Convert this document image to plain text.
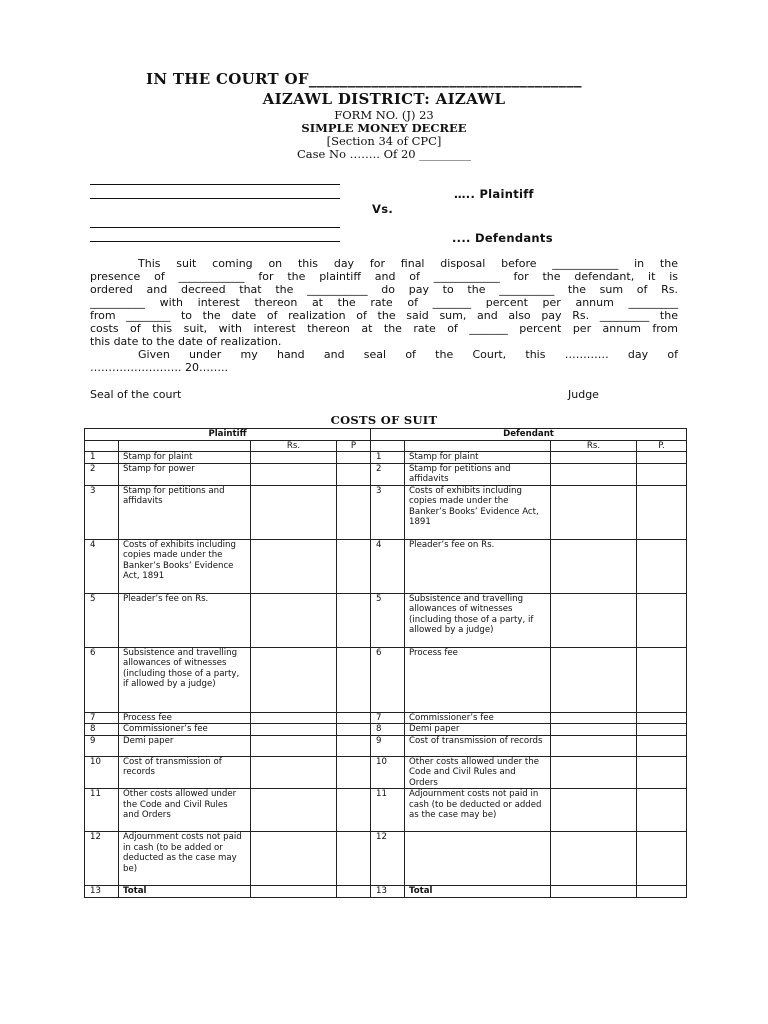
IN THE COURT OF___________________________________
AIZAWL DISTRICT: AIZAWL
FORM NO. (J) 23
SIMPLE MONEY DECREE
[Section 34 of CPC]
Case No …….. Of 20 _________
….. Plaintiff
Vs.
.... Defendants
This suit coming on this day for final disposal before ____________ in the
presence of ____________ for the plaintiff and of ____________ for the defendant, it is
ordered and decreed that the ___________ do pay to the __________ the sum of Rs.
__________ with interest thereon at the rate of _______ percent per annum _________
from ________ to the date of realization of the said sum, and also pay Rs. _________ the
costs of this suit, with interest thereon at the rate of _______ percent per annum from
this date to the date of realization.
Given under my hand and seal of the Court, this ………… day of
……………………. 20……..
Seal of the court	Judge
COSTS OF SUIT
Plaintiff				Defendant			
		Rs.	P			Rs.	P.
1	Stamp for plaint			1	Stamp for plaint		
2	Stamp for power			2	Stamp for petitions and affidavits		
3	Stamp for petitions and affidavits			3	Costs of exhibits including copies made under the Banker’s Books’ Evidence Act, 1891		
4	Costs of exhibits including copies made under the Banker’s Books’ Evidence Act, 1891			4	Pleader’s fee on Rs.		
5	Pleader’s fee on Rs.			5	Subsistence and travelling allowances of witnesses (including those of a party, if allowed by a judge)		
6	Subsistence and travelling allowances of witnesses (including those of a party, if allowed by a judge)			6	Process fee		
7	Process fee			7	Commissioner’s fee		
8	Commissioner’s fee			8	Demi paper		
9	Demi paper			9	Cost of transmission of records		
10	Cost of transmission of records			10	Other costs allowed under the Code and Civil Rules and Orders		
11	Other costs allowed under the Code and Civil Rules and Orders			11	Adjournment costs not paid in cash (to be deducted or added as the case may be)		
12	Adjournment costs not paid in cash (to be added or deducted as the case may be)			12			
13	Total			13	Total		
